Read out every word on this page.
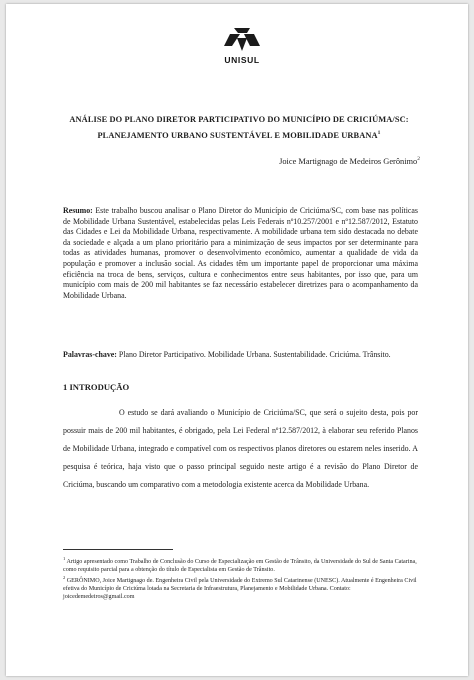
UNISUL

ANÁLISE DO PLANO DIRETOR PARTICIPATIVO DO MUNICÍPIO DE CRICIÚMA/SC: PLANEJAMENTO URBANO SUSTENTÁVEL E MOBILIDADE URBANA$^1$

Joice Martignago de Medeiros Gerônimo$^2$

Resumo: Este trabalho buscou analisar o Plano Diretor do Município de Criciúma/SC, com base nas políticas de Mobilidade Urbana Sustentável, estabelecidas pelas Leis Federais nº10.257/2001 e nº12.587/2012, Estatuto das Cidades e Lei da Mobilidade Urbana, respectivamente. A mobilidade urbana tem sido destacada no debate da sociedade e alçada a um plano prioritário para a minimização de seus impactos por ser determinante para todas as atividades humanas, promover o desenvolvimento econômico, aumentar a qualidade de vida da população e promover a inclusão social. As cidades têm um importante papel de proporcionar uma máxima eficiência na troca de bens, serviços, cultura e conhecimentos entre seus habitantes, por isso que, para um município com mais de 200 mil habitantes se faz necessário estabelecer diretrizes para o acompanhamento da Mobilidade Urbana.

Palavras-chave: Plano Diretor Participativo. Mobilidade Urbana. Sustentabilidade. Criciúma. Trânsito.

1 INTRODUÇÃO

O estudo se dará avaliando o Município de Criciúma/SC, que será o sujeito desta, pois por possuir mais de 200 mil habitantes, é obrigado, pela Lei Federal nº12.587/2012, à elaborar seu referido Planos de Mobilidade Urbana, integrado e compatível com os respectivos planos diretores ou estarem neles inserido. A pesquisa é teórica, haja visto que o passo principal seguido neste artigo é a revisão do Plano Diretor de Criciúma, buscando um comparativo com a metodologia existente acerca da Mobilidade Urbana.

$^1$ Artigo apresentado como Trabalho de Conclusão do Curso de Especialização em Gestão de Trânsito, da Universidade do Sul de Santa Catarina, como requisito parcial para a obtenção do título de Especialista em Gestão de Trânsito.

$^2$ GERÔNIMO, Joice Martignago de. Engenheira Civil pela Universidade do Extremo Sul Catarinense (UNESC). Atualmente é Engenheira Civil efetiva do Município de Criciúma lotada na Secretaria de Infraestrutura, Planejamento e Mobilidade Urbana. Contato: joicedemedeiros@gmail.com
